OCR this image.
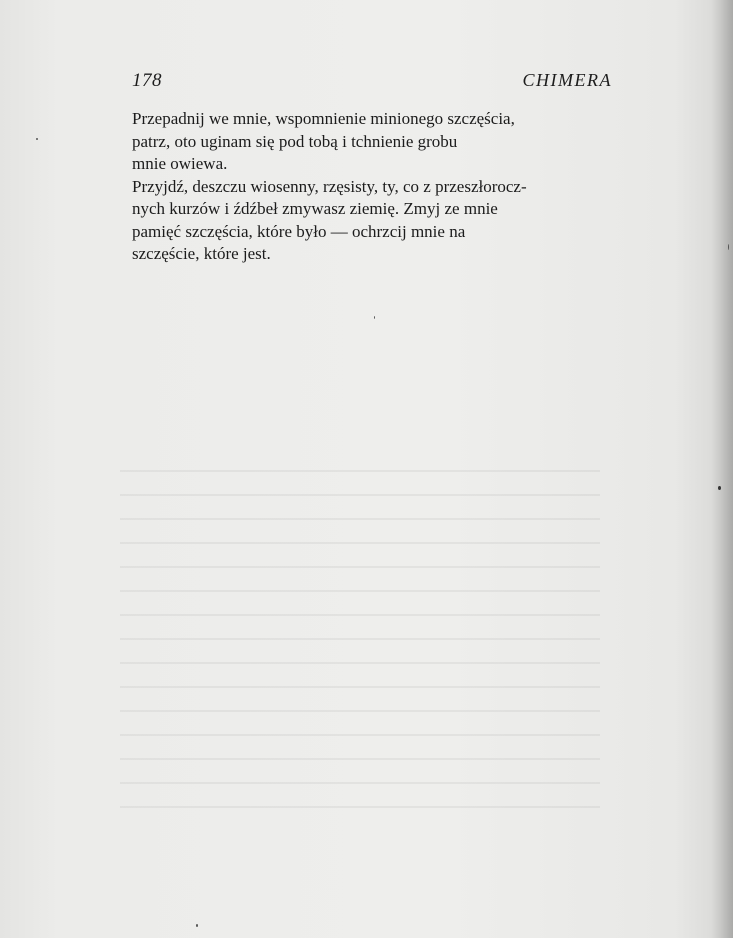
178	CHIMERA

Przepadnij we mnie, wspomnienie minionego szczęścia,
patrz, oto uginam się pod tobą i tchnienie grobu
mnie owiewa.

Przyjdź, deszczu wiosenny, rzęsisty, ty, co z przeszłorocz-
nych kurzów i źdźbeł zmywasz ziemię. Zmyj ze mnie
pamięć szczęścia, które było — ochrzcij mnie na
szczęście, które jest.
